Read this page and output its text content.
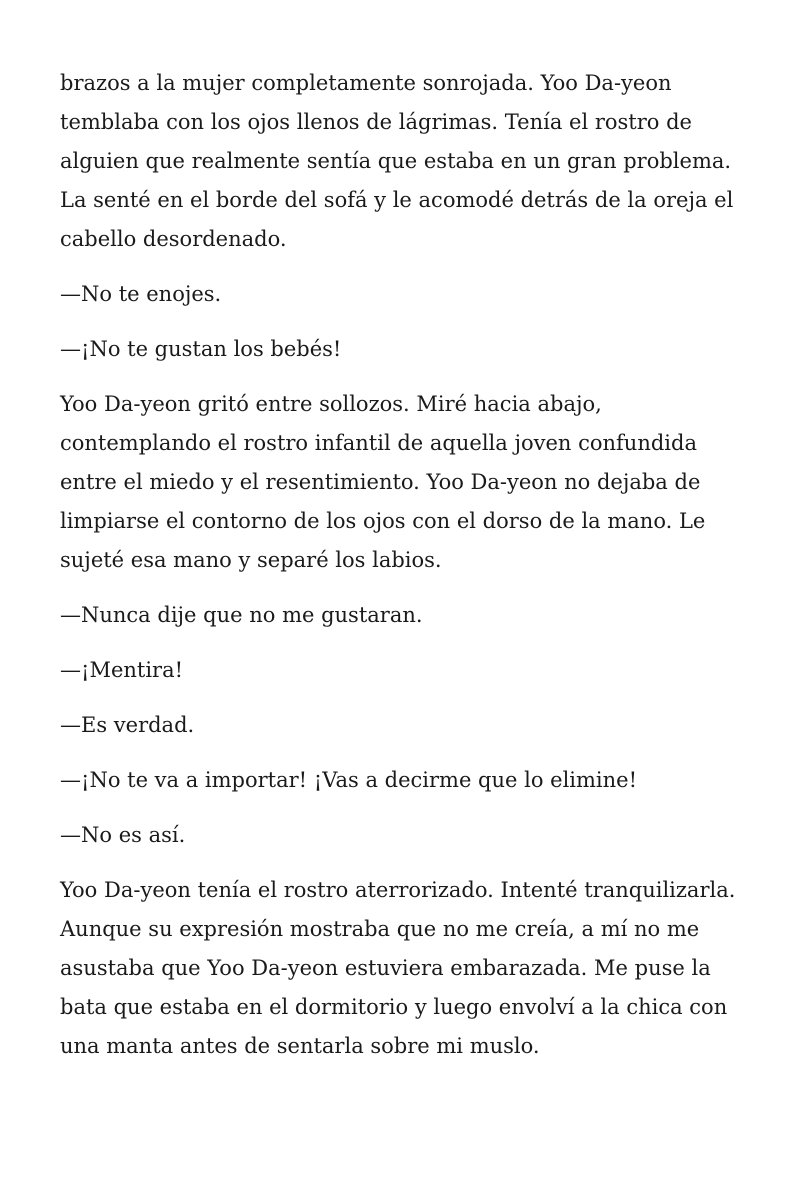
brazos a la mujer completamente sonrojada. Yoo Da-yeon temblaba con los ojos llenos de lágrimas. Tenía el rostro de alguien que realmente sentía que estaba en un gran problema. La senté en el borde del sofá y le acomodé detrás de la oreja el cabello desordenado.

—No te enojes.

—¡No te gustan los bebés!

Yoo Da-yeon gritó entre sollozos. Miré hacia abajo, contemplando el rostro infantil de aquella joven confundida entre el miedo y el resentimiento. Yoo Da-yeon no dejaba de limpiarse el contorno de los ojos con el dorso de la mano. Le sujeté esa mano y separé los labios.

—Nunca dije que no me gustaran.

—¡Mentira!

—Es verdad.

—¡No te va a importar! ¡Vas a decirme que lo elimine!

—No es así.

Yoo Da-yeon tenía el rostro aterrorizado. Intenté tranquilizarla. Aunque su expresión mostraba que no me creía, a mí no me asustaba que Yoo Da-yeon estuviera embarazada. Me puse la bata que estaba en el dormitorio y luego envolví a la chica con una manta antes de sentarla sobre mi muslo.
